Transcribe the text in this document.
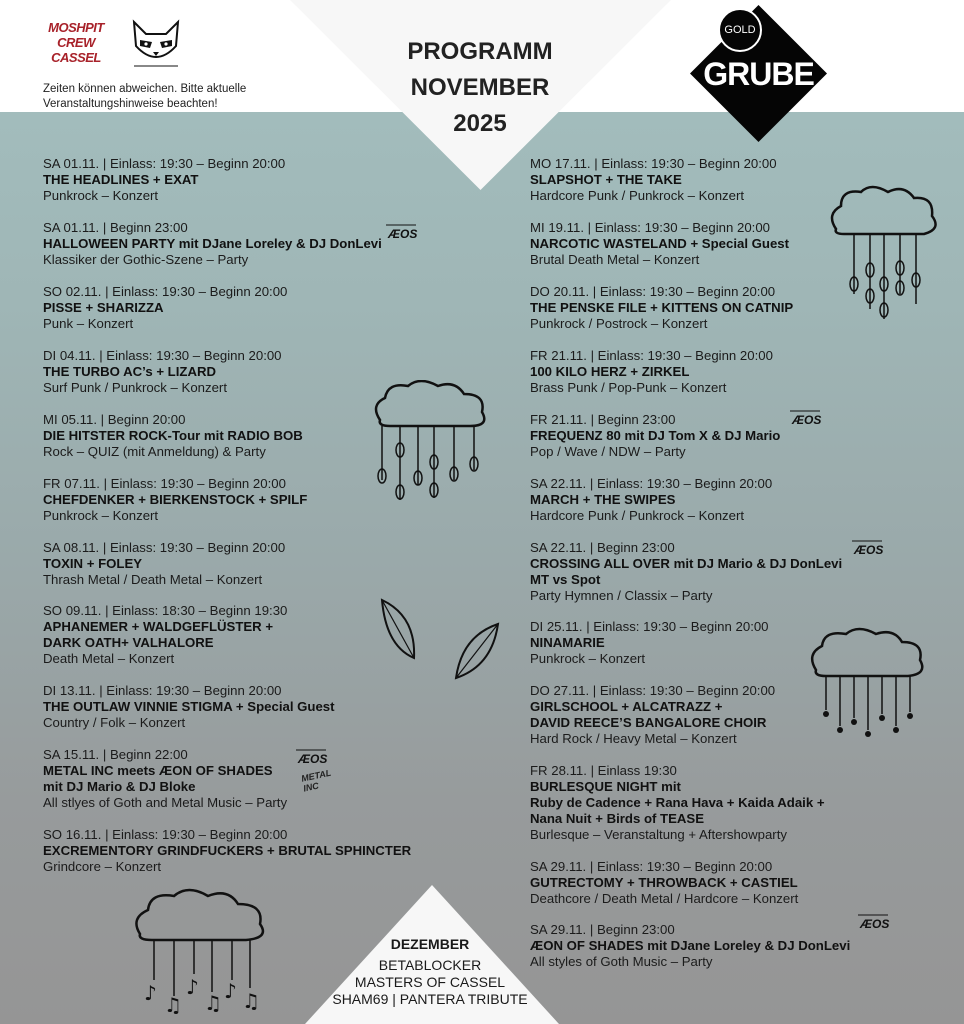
PROGRAMM
NOVEMBER
2025
MOSHPIT CREW CASSEL
Zeiten können abweichen. Bitte aktuelle Veranstaltungshinweise beachten!
GOLD
GRUBE
SA 01.11. | Einlass: 19:30 – Beginn 20:00
THE HEADLINES + EXAT
Punkrock – Konzert
SA 01.11. | Beginn 23:00
HALLOWEEN PARTY mit DJane Loreley & DJ DonLevi
Klassiker der Gothic-Szene – Party
SO 02.11. | Einlass: 19:30 – Beginn 20:00
PISSE + SHARIZZA
Punk – Konzert
DI 04.11. | Einlass: 19:30 – Beginn 20:00
THE TURBO AC’s + LIZARD
Surf Punk / Punkrock – Konzert
MI 05.11. | Beginn 20:00
DIE HITSTER ROCK-Tour mit RADIO BOB
Rock – QUIZ (mit Anmeldung) & Party
FR 07.11. | Einlass: 19:30 – Beginn 20:00
CHEFDENKER + BIERKENSTOCK + SPILF
Punkrock – Konzert
SA 08.11. | Einlass: 19:30 – Beginn 20:00
TOXIN + FOLEY
Thrash Metal / Death Metal – Konzert
SO 09.11. | Einlass: 18:30 – Beginn 19:30
APHANEMER + WALDGEFLÜSTER +
DARK OATH+ VALHALORE
Death Metal – Konzert
DI 13.11. | Einlass: 19:30 – Beginn 20:00
THE OUTLAW VINNIE STIGMA + Special Guest
Country / Folk – Konzert
SA 15.11. | Beginn 22:00
METAL INC meets ÆON OF SHADES
mit DJ Mario & DJ Bloke
All stlyes of Goth and Metal Music – Party
SO 16.11. | Einlass: 19:30 – Beginn 20:00
EXCREMENTORY GRINDFUCKERS + BRUTAL SPHINCTER
Grindcore – Konzert
MO 17.11. | Einlass: 19:30 – Beginn 20:00
SLAPSHOT + THE TAKE
Hardcore Punk / Punkrock – Konzert
MI 19.11. | Einlass: 19:30 – Beginn 20:00
NARCOTIC WASTELAND + Special Guest
Brutal Death Metal – Konzert
DO 20.11. | Einlass: 19:30 – Beginn 20:00
THE PENSKE FILE + KITTENS ON CATNIP
Punkrock / Postrock – Konzert
FR 21.11. | Einlass: 19:30 – Beginn 20:00
100 KILO HERZ + ZIRKEL
Brass Punk / Pop-Punk – Konzert
FR 21.11. | Beginn 23:00
FREQUENZ 80 mit DJ Tom X & DJ Mario
Pop / Wave / NDW – Party
SA 22.11. | Einlass: 19:30 – Beginn 20:00
MARCH + THE SWIPES
Hardcore Punk / Punkrock – Konzert
SA 22.11. | Beginn 23:00
CROSSING ALL OVER mit DJ Mario & DJ DonLevi
MT vs Spot
Party Hymnen / Classix – Party
DI 25.11. | Einlass: 19:30 – Beginn 20:00
NINAMARIE
Punkrock – Konzert
DO 27.11. | Einlass: 19:30 – Beginn 20:00
GIRLSCHOOL + ALCATRAZZ +
DAVID REECE’S BANGALORE CHOIR
Hard Rock / Heavy Metal – Konzert
FR 28.11. | Einlass 19:30
BURLESQUE NIGHT mit
Ruby de Cadence + Rana Hava + Kaida Adaik +
Nana Nuit + Birds of TEASE
Burlesque – Veranstaltung + Aftershowparty
SA 29.11. | Einlass: 19:30 – Beginn 20:00
GUTRECTOMY + THROWBACK + CASTIEL
Deathcore / Death Metal / Hardcore – Konzert
SA 29.11. | Beginn 23:00
ÆON OF SHADES mit DJane Loreley & DJ DonLevi
All styles of Goth Music – Party
ÆOS
ÆOS
ÆOS
ÆOS
METAL INC
ÆOS
♪ ♫
♪
♫ ♪ ♫
DEZEMBER
BETABLOCKER
MASTERS OF CASSEL
SHAM69 | PANTERA TRIBUTE
